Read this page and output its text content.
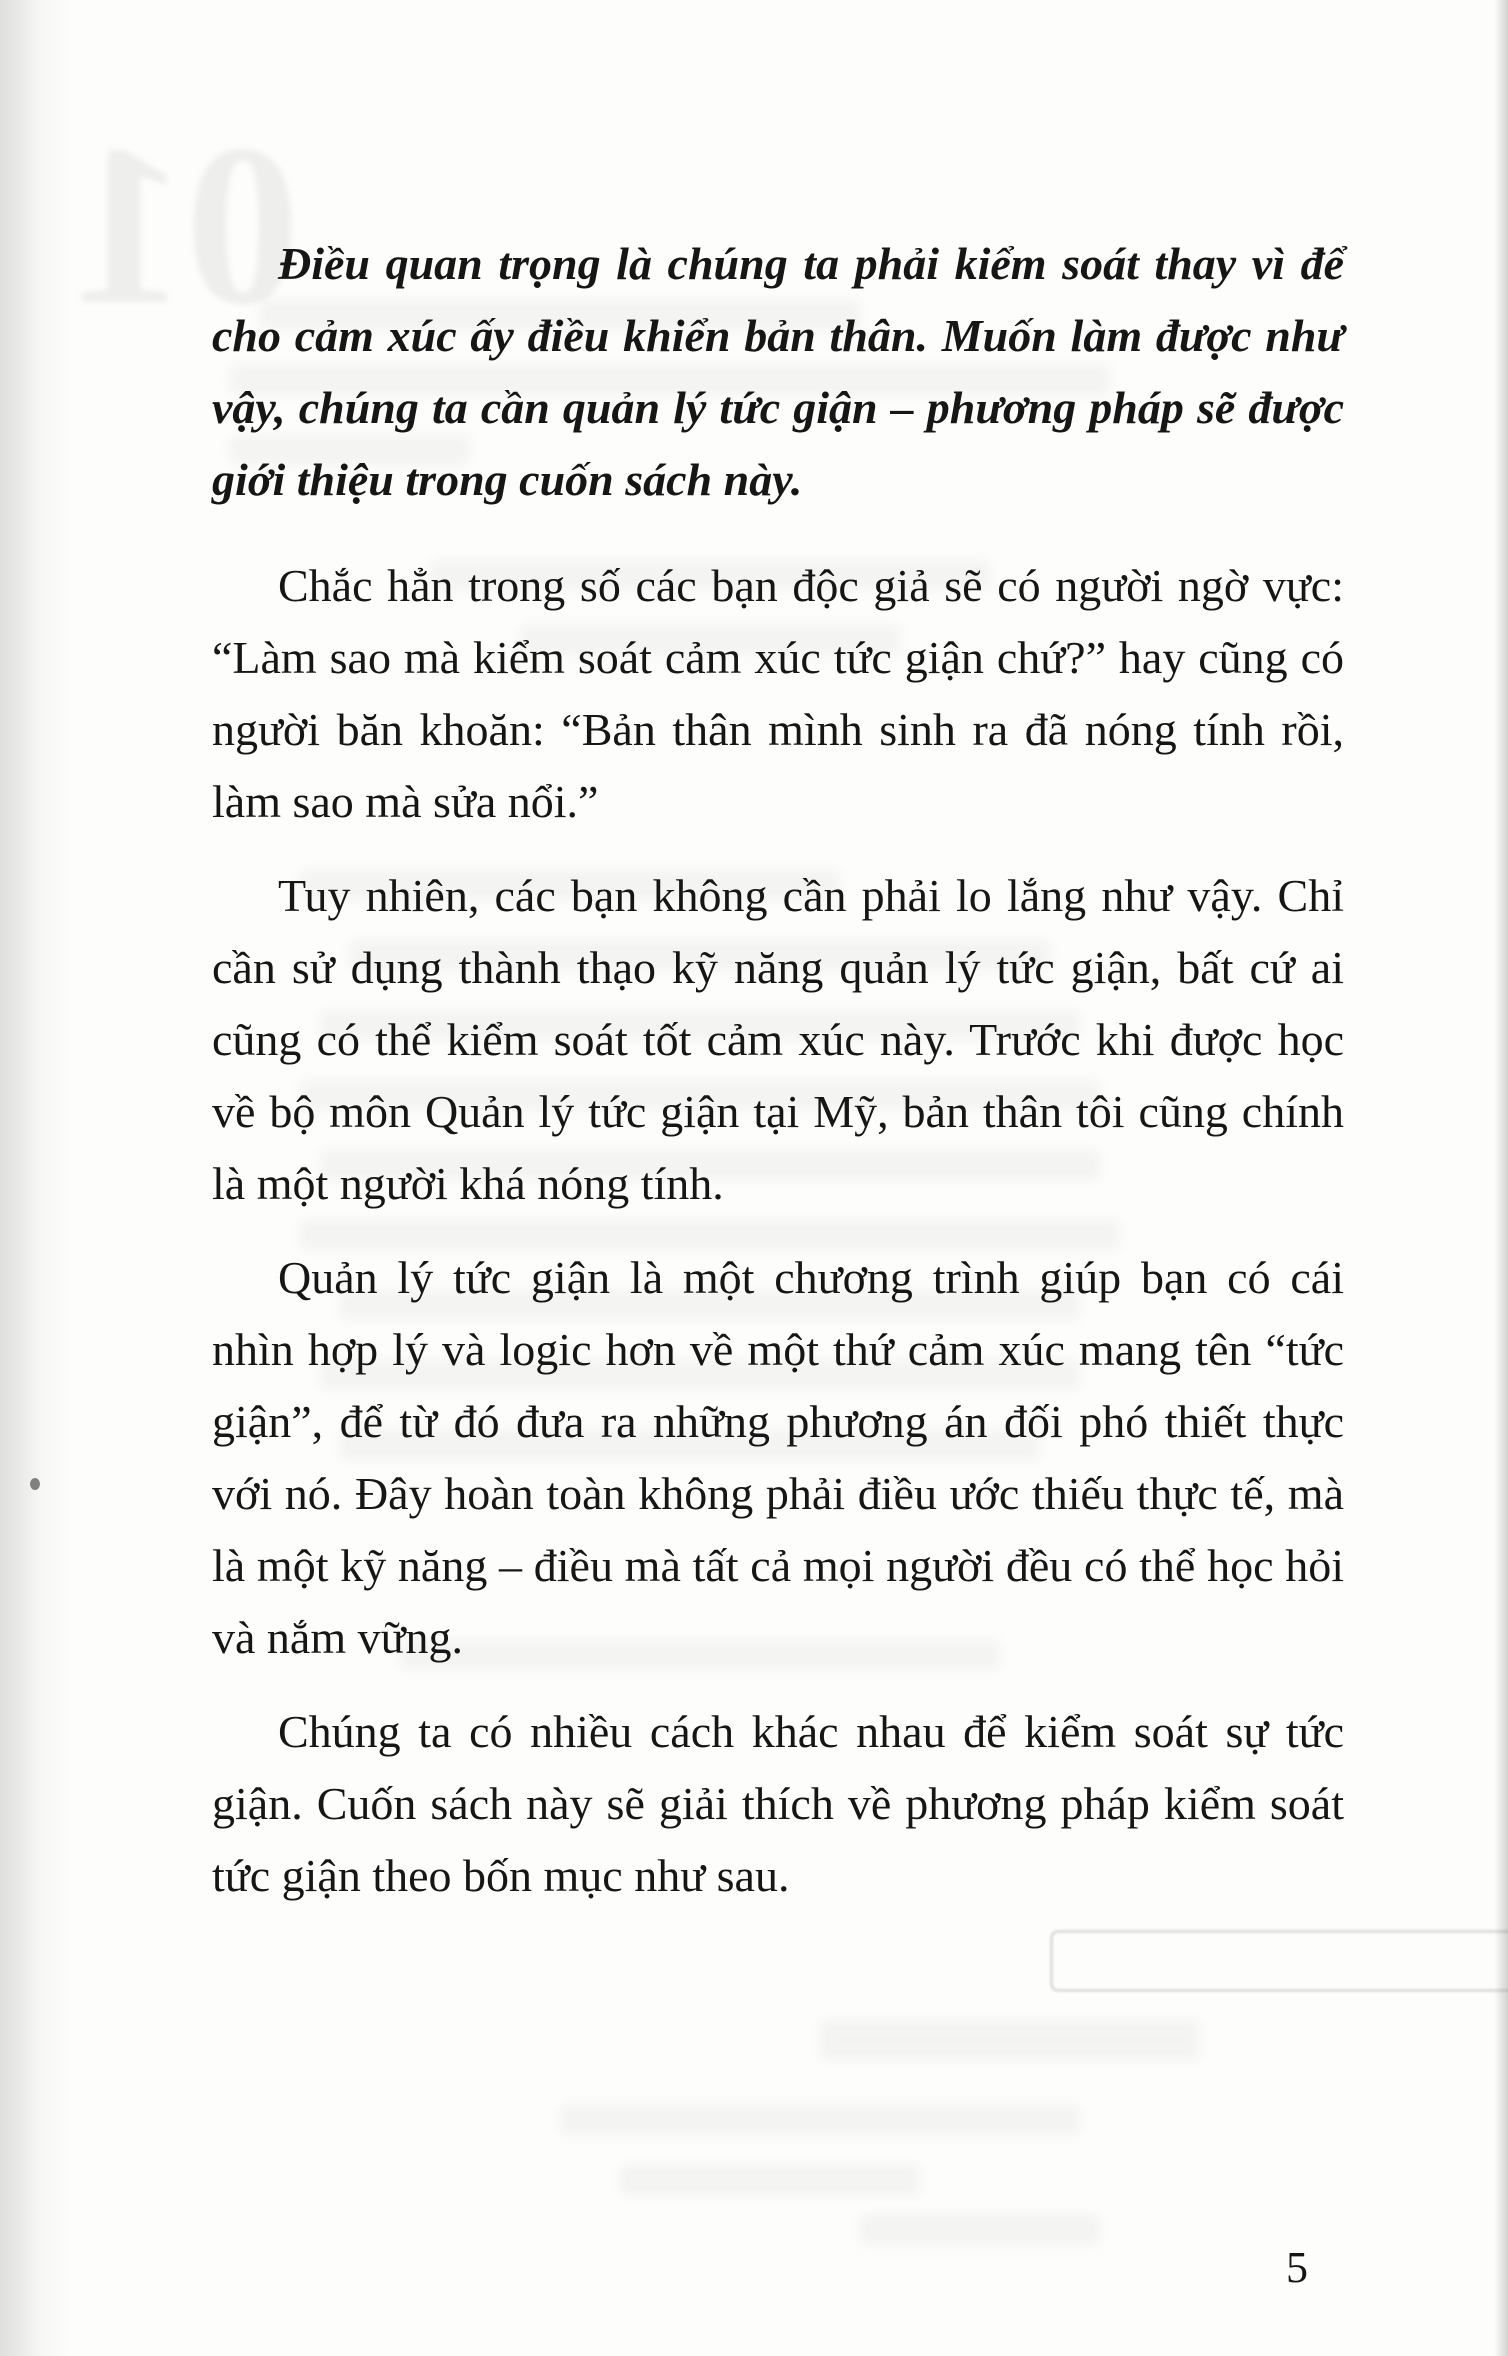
01

Điều quan trọng là chúng ta phải kiểm soát thay vì để cho cảm xúc ấy điều khiển bản thân. Muốn làm được như vậy, chúng ta cần quản lý tức giận – phương pháp sẽ được giới thiệu trong cuốn sách này.

Chắc hẳn trong số các bạn độc giả sẽ có người ngờ vực: “Làm sao mà kiểm soát cảm xúc tức giận chứ?” hay cũng có người băn khoăn: “Bản thân mình sinh ra đã nóng tính rồi, làm sao mà sửa nổi.”

Tuy nhiên, các bạn không cần phải lo lắng như vậy. Chỉ cần sử dụng thành thạo kỹ năng quản lý tức giận, bất cứ ai cũng có thể kiểm soát tốt cảm xúc này. Trước khi được học về bộ môn Quản lý tức giận tại Mỹ, bản thân tôi cũng chính là một người khá nóng tính.

Quản lý tức giận là một chương trình giúp bạn có cái nhìn hợp lý và logic hơn về một thứ cảm xúc mang tên “tức giận”, để từ đó đưa ra những phương án đối phó thiết thực với nó. Đây hoàn toàn không phải điều ước thiếu thực tế, mà là một kỹ năng – điều mà tất cả mọi người đều có thể học hỏi và nắm vững.

Chúng ta có nhiều cách khác nhau để kiểm soát sự tức giận. Cuốn sách này sẽ giải thích về phương pháp kiểm soát tức giận theo bốn mục như sau.

5
